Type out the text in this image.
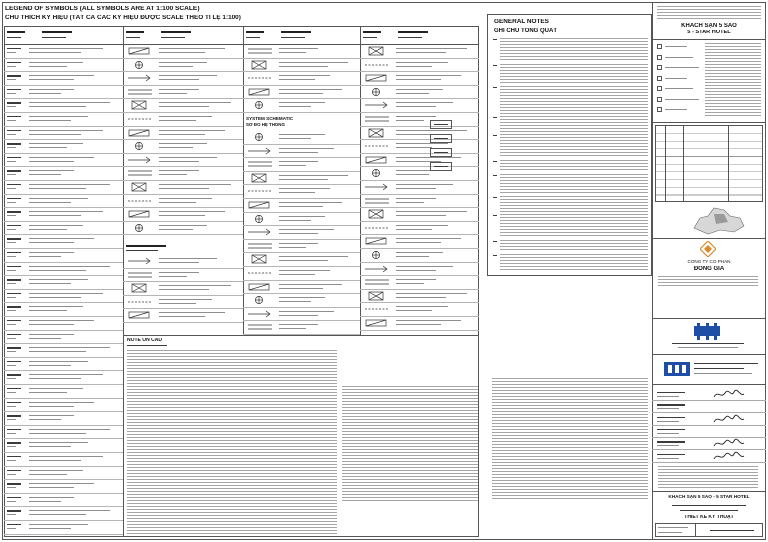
LEGEND OF SYMBOLS (ALL SYMBOLS ARE AT 1:100 SCALE)
CHÚ THÍCH KÝ HIỆU (TẤT CẢ CÁC KÝ HIỆU ĐƯỢC SCALE THEO TỈ LỆ 1:100)
SYSTEM SCHEMATIC
SƠ ĐỒ HỆ THỐNG
NOTE ON CAD
GENERAL NOTES
GHI CHÚ TỔNG QUÁT
KHÁCH SẠN 5 SAO
5 - STAR HOTEL
CÔNG TY CỔ PHẦN
ĐÔNG GIA
KHÁCH SẠN 5 SAO - 5 STAR HOTEL
THIẾT KẾ KỸ THUẬT
